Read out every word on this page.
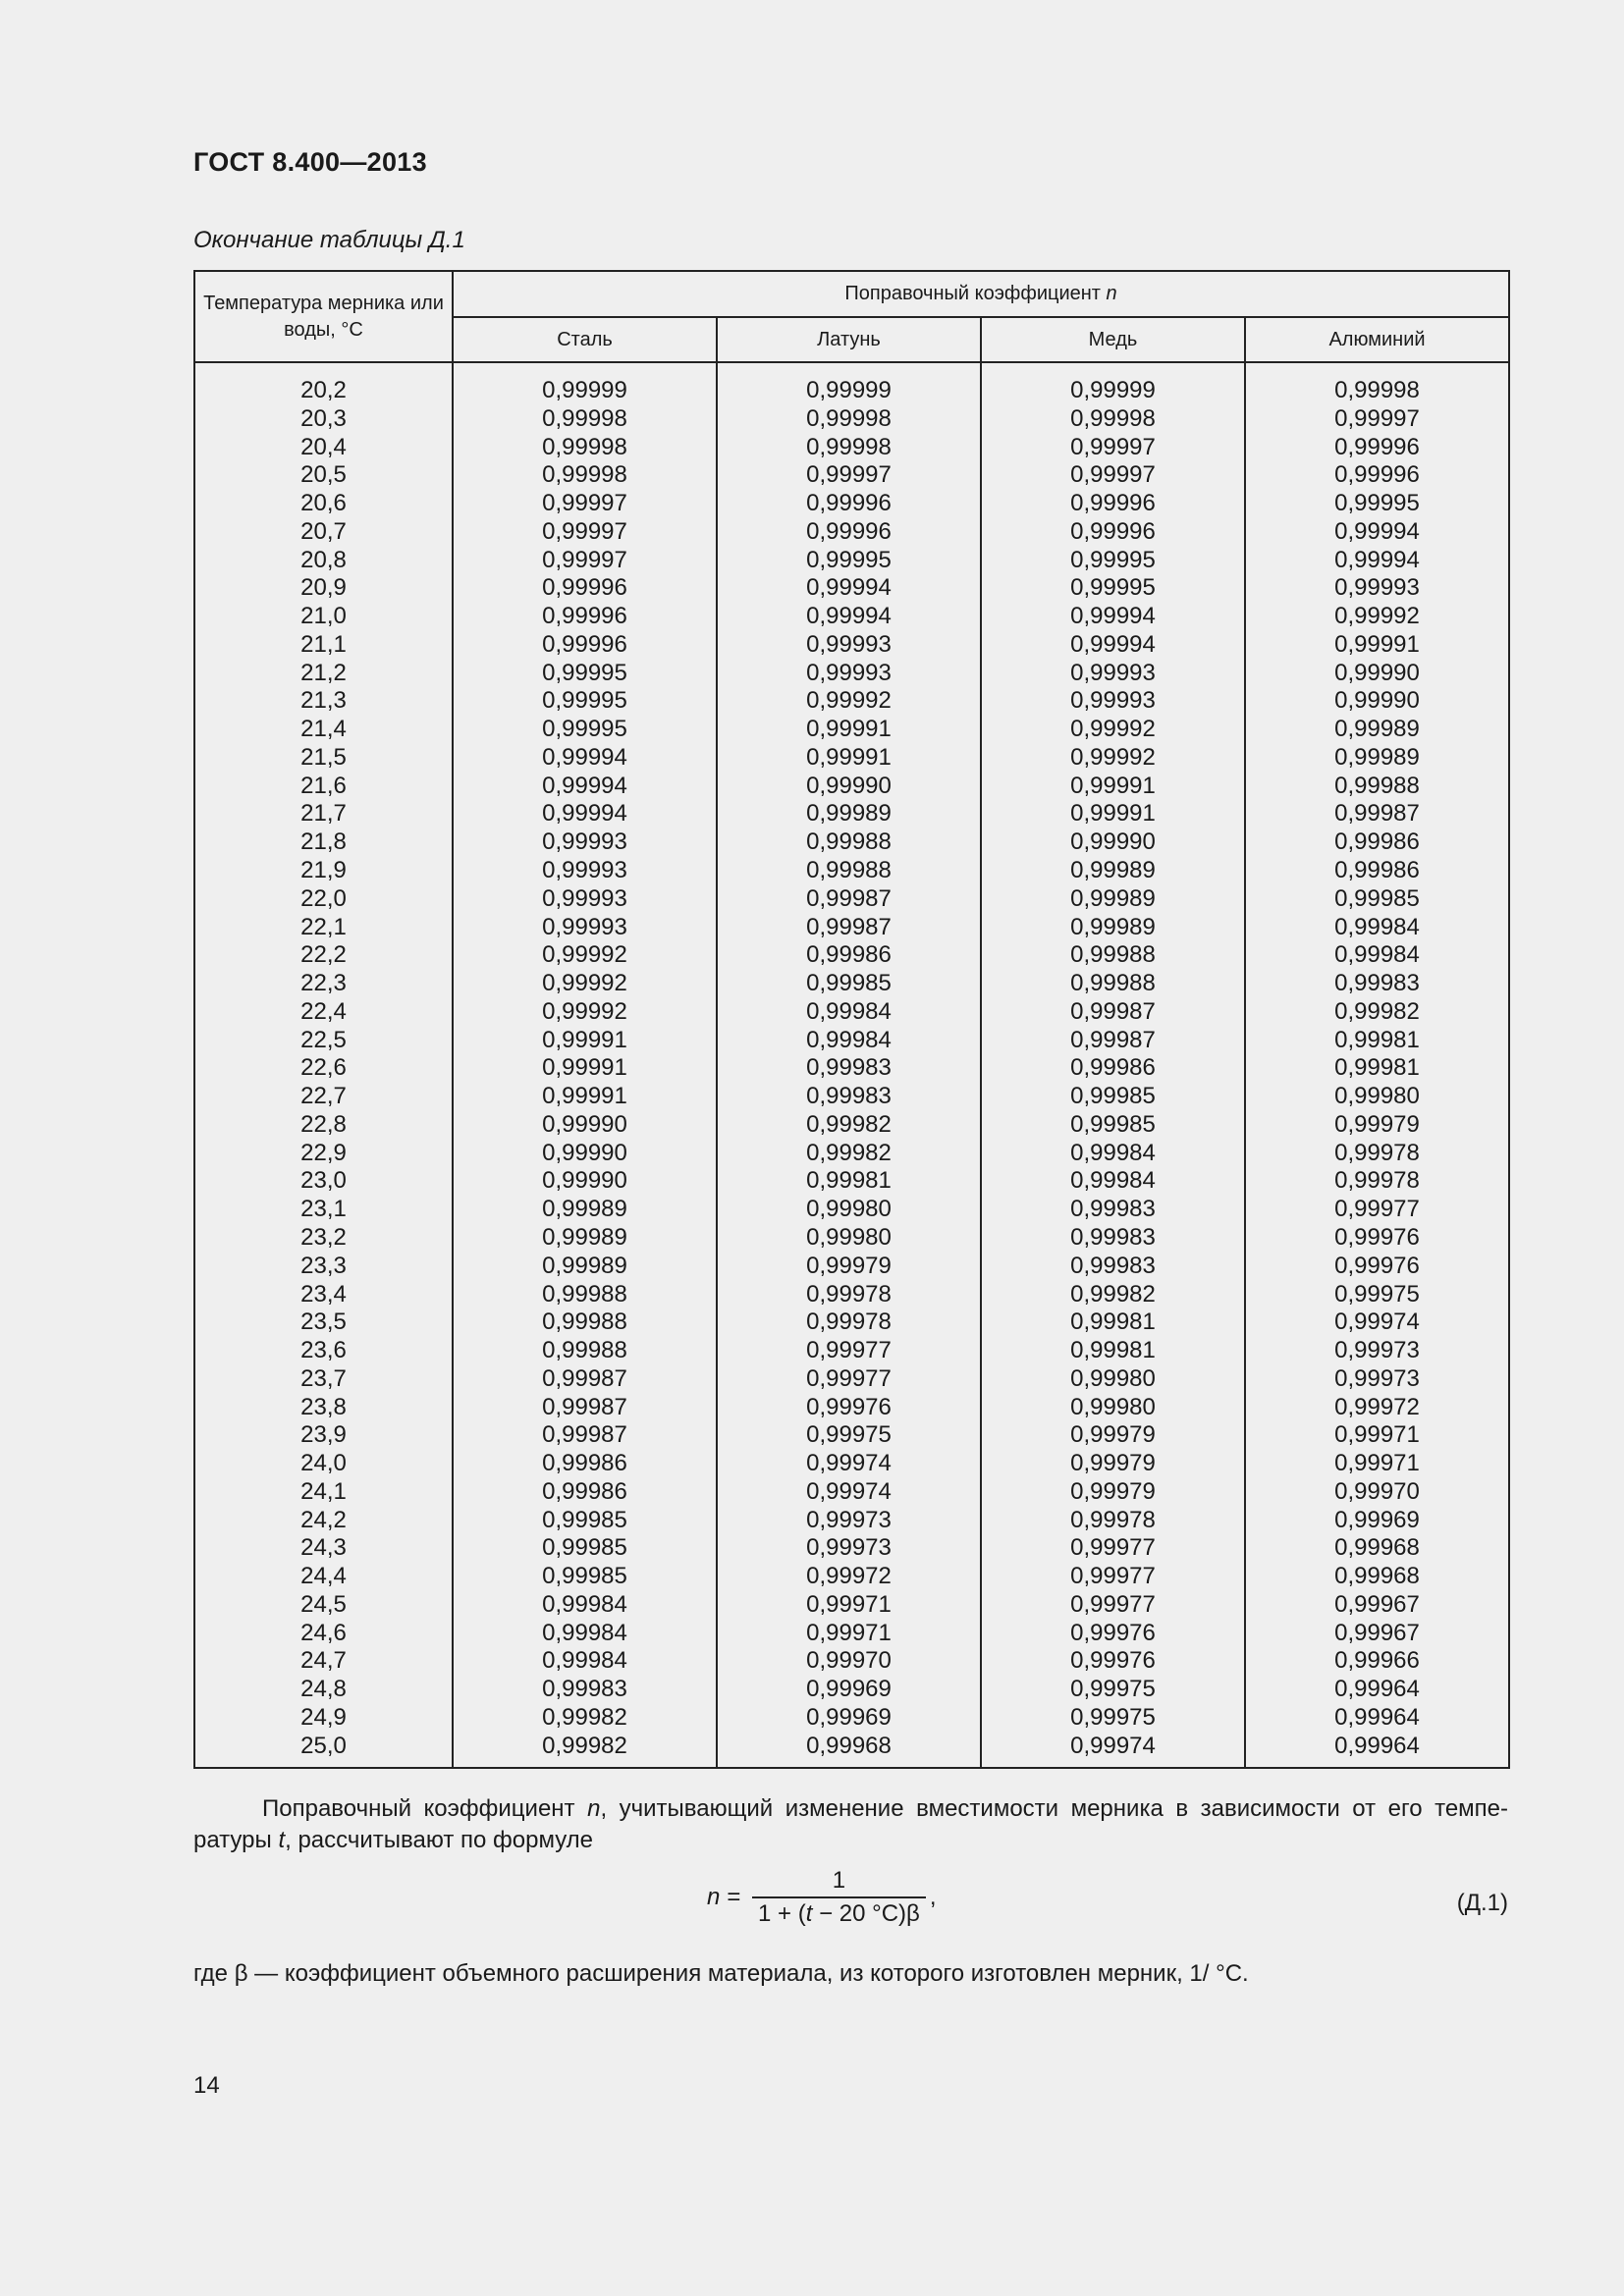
ГОСТ 8.400—2013
Окончание таблицы Д.1
Температура мерника или воды, °С	Поправочный коэффициент n			
	Сталь	Латунь	Медь	Алюминий

20,2	0,99999	0,99999	0,99999	0,99998
20,3	0,99998	0,99998	0,99998	0,99997
20,4	0,99998	0,99998	0,99997	0,99996
20,5	0,99998	0,99997	0,99997	0,99996
20,6	0,99997	0,99996	0,99996	0,99995
20,7	0,99997	0,99996	0,99996	0,99994
20,8	0,99997	0,99995	0,99995	0,99994
20,9	0,99996	0,99994	0,99995	0,99993
21,0	0,99996	0,99994	0,99994	0,99992
21,1	0,99996	0,99993	0,99994	0,99991
21,2	0,99995	0,99993	0,99993	0,99990
21,3	0,99995	0,99992	0,99993	0,99990
21,4	0,99995	0,99991	0,99992	0,99989
21,5	0,99994	0,99991	0,99992	0,99989
21,6	0,99994	0,99990	0,99991	0,99988
21,7	0,99994	0,99989	0,99991	0,99987
21,8	0,99993	0,99988	0,99990	0,99986
21,9	0,99993	0,99988	0,99989	0,99986
22,0	0,99993	0,99987	0,99989	0,99985
22,1	0,99993	0,99987	0,99989	0,99984
22,2	0,99992	0,99986	0,99988	0,99984
22,3	0,99992	0,99985	0,99988	0,99983
22,4	0,99992	0,99984	0,99987	0,99982
22,5	0,99991	0,99984	0,99987	0,99981
22,6	0,99991	0,99983	0,99986	0,99981
22,7	0,99991	0,99983	0,99985	0,99980
22,8	0,99990	0,99982	0,99985	0,99979
22,9	0,99990	0,99982	0,99984	0,99978
23,0	0,99990	0,99981	0,99984	0,99978
23,1	0,99989	0,99980	0,99983	0,99977
23,2	0,99989	0,99980	0,99983	0,99976
23,3	0,99989	0,99979	0,99983	0,99976
23,4	0,99988	0,99978	0,99982	0,99975
23,5	0,99988	0,99978	0,99981	0,99974
23,6	0,99988	0,99977	0,99981	0,99973
23,7	0,99987	0,99977	0,99980	0,99973
23,8	0,99987	0,99976	0,99980	0,99972
23,9	0,99987	0,99975	0,99979	0,99971
24,0	0,99986	0,99974	0,99979	0,99971
24,1	0,99986	0,99974	0,99979	0,99970
24,2	0,99985	0,99973	0,99978	0,99969
24,3	0,99985	0,99973	0,99977	0,99968
24,4	0,99985	0,99972	0,99977	0,99968
24,5	0,99984	0,99971	0,99977	0,99967
24,6	0,99984	0,99971	0,99976	0,99967
24,7	0,99984	0,99970	0,99976	0,99966
24,8	0,99983	0,99969	0,99975	0,99964
24,9	0,99982	0,99969	0,99975	0,99964
25,0	0,99982	0,99968	0,99974	0,99964
Поправочный коэффициент n, учитывающий изменение вместимости мерника в зависимости от его темпе-ратуры t, рассчитывают по формуле
$n = \frac{1}{1 + (t - 20 ^\circ С)\beta}$ ,	(Д.1)
где β — коэффициент объемного расширения материала, из которого изготовлен мерник, 1/ °С.
14
